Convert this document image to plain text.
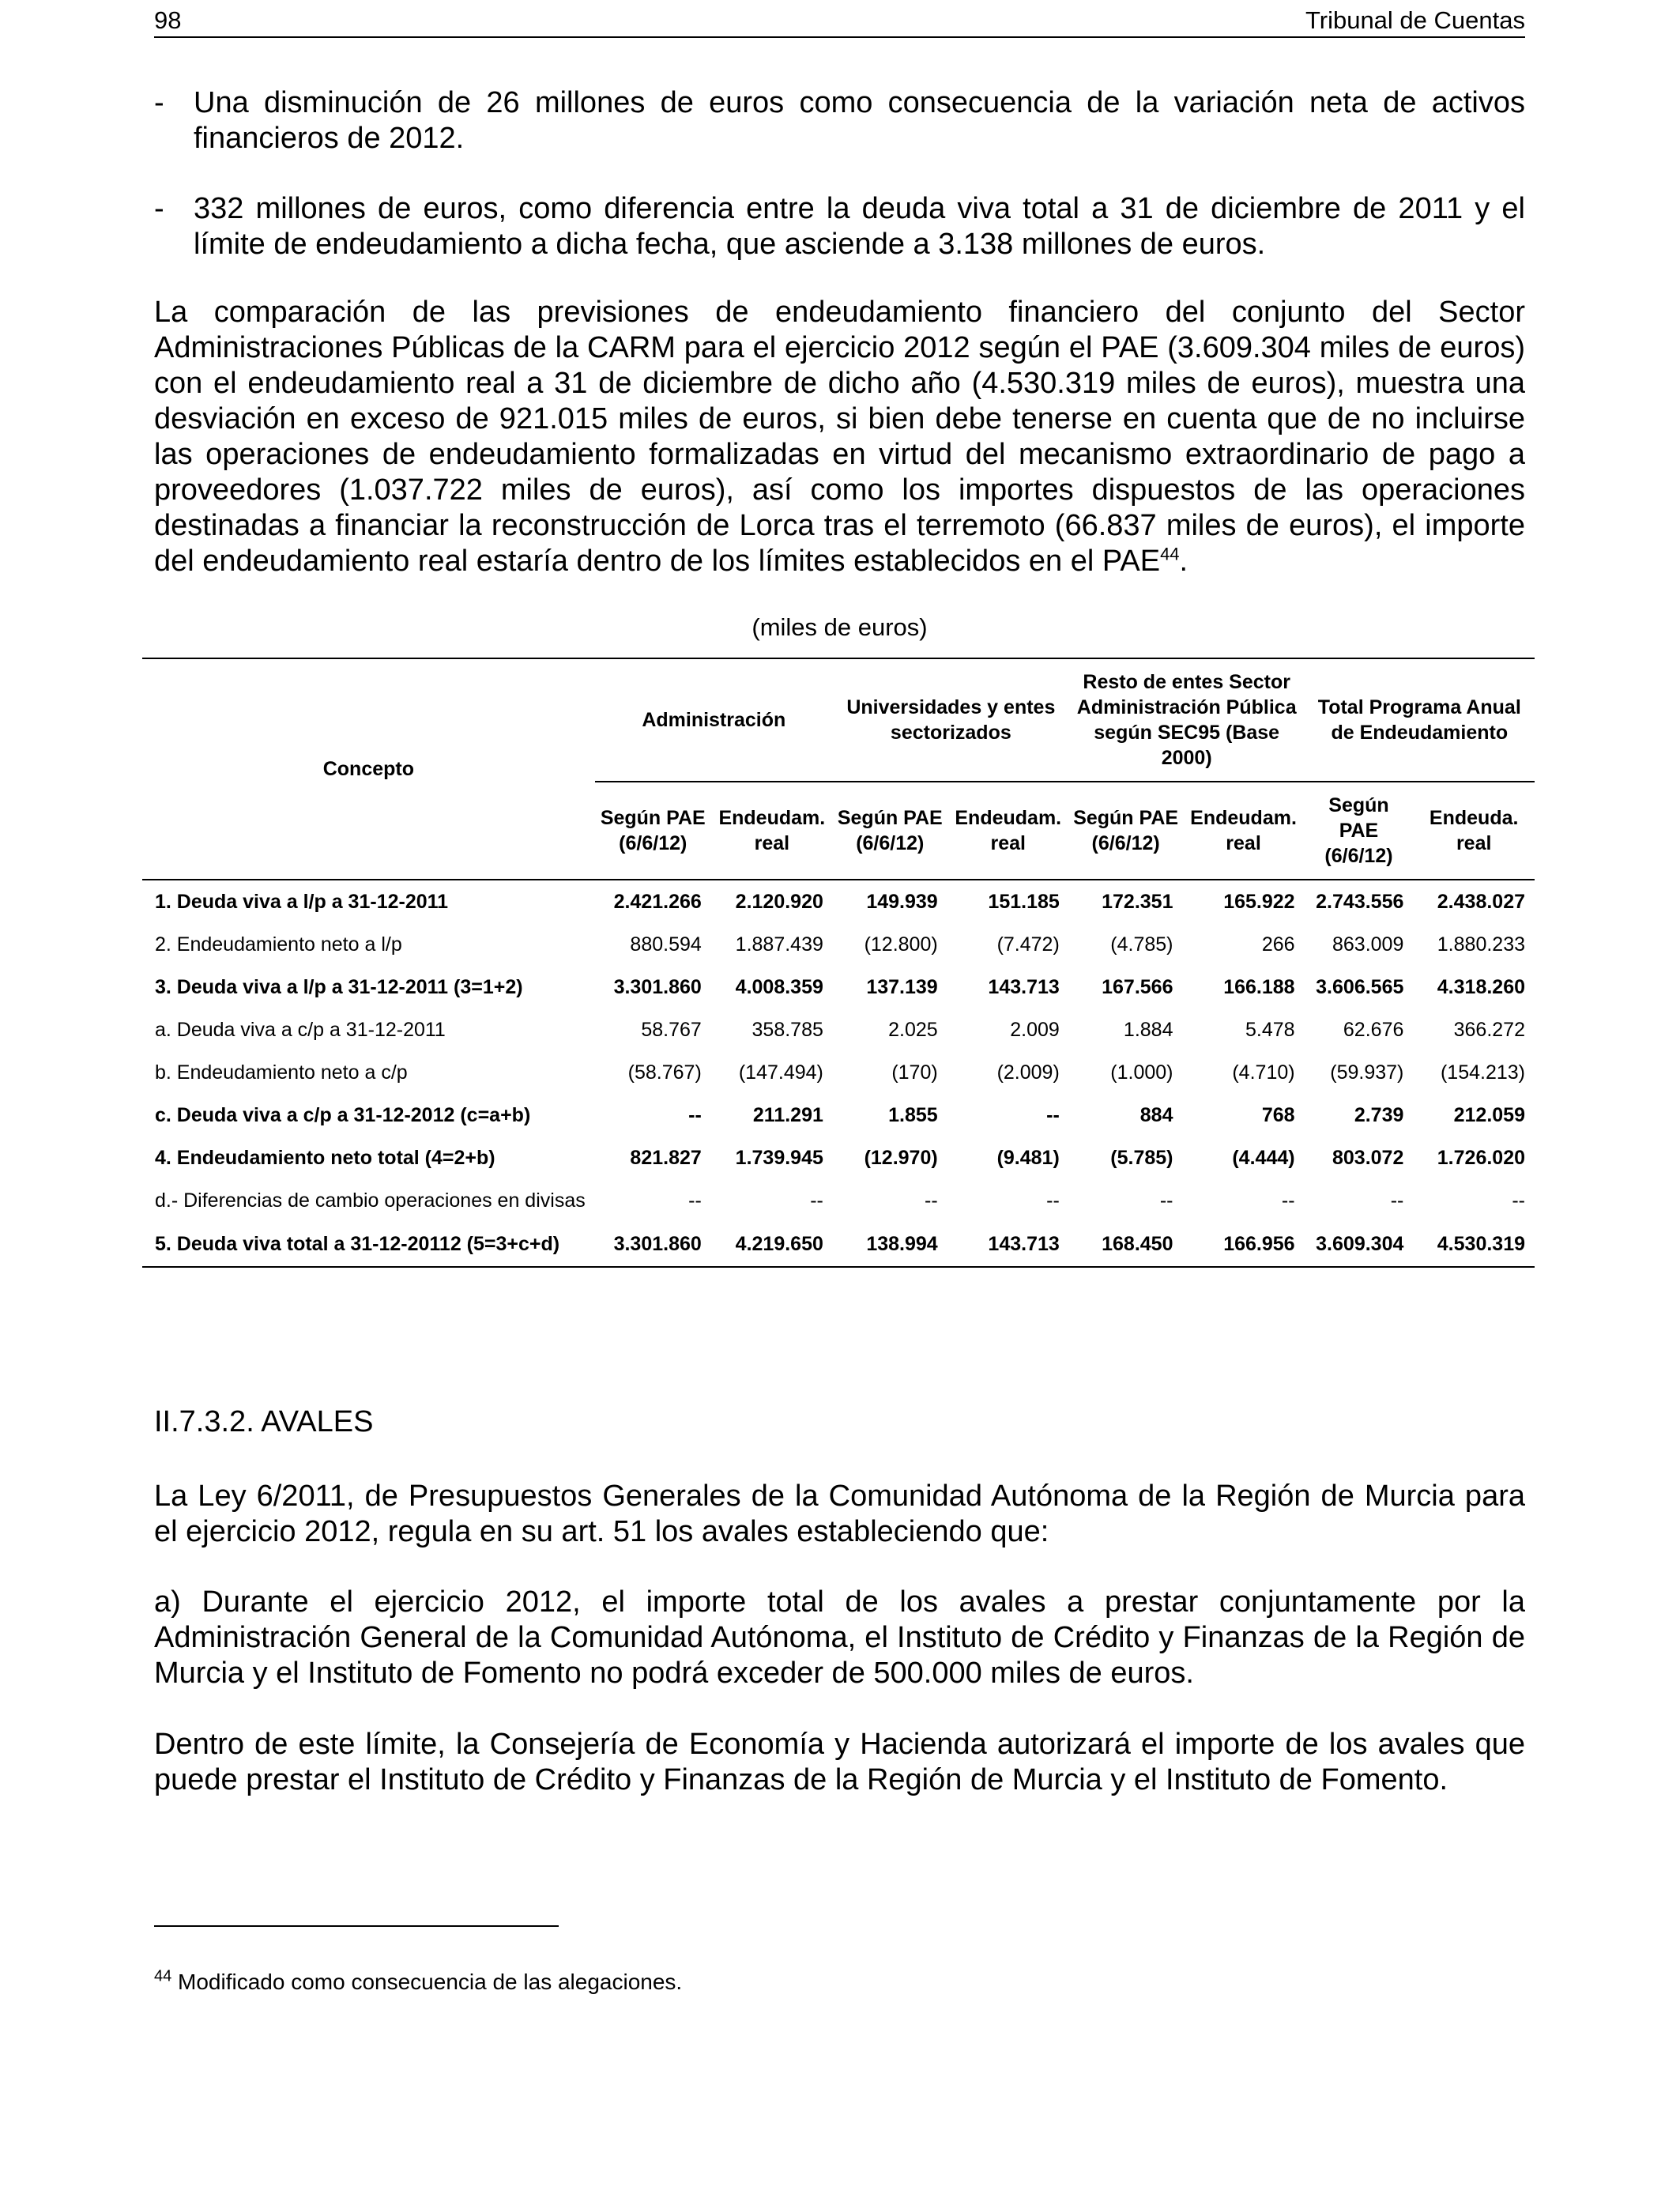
98	Tribunal de Cuentas
- Una disminución de 26 millones de euros como consecuencia de la variación neta de activos financieros de 2012.
- 332 millones de euros, como diferencia entre la deuda viva total a 31 de diciembre de 2011 y el límite de endeudamiento a dicha fecha, que asciende a 3.138 millones de euros.
La comparación de las previsiones de endeudamiento financiero del conjunto del Sector Administraciones Públicas de la CARM para el ejercicio 2012 según el PAE (3.609.304 miles de euros) con el endeudamiento real a 31 de diciembre de dicho año (4.530.319 miles de euros), muestra una desviación en exceso de 921.015 miles de euros, si bien debe tenerse en cuenta que de no incluirse las operaciones de endeudamiento formalizadas en virtud del mecanismo extraordinario de pago a proveedores (1.037.722 miles de euros), así como los importes dispuestos de las operaciones destinadas a financiar la reconstrucción de Lorca tras el terremoto (66.837 miles de euros), el importe del endeudamiento real estaría dentro de los límites establecidos en el PAE$^{44}$.
(miles de euros)
Concepto	Administración		Universidades y entes sectorizados		Resto de entes Sector Administración Pública según SEC95 (Base 2000)		Total Programa Anual de Endeudamiento	
	Según PAE (6/6/12)	Endeudam. real	Según PAE (6/6/12)	Endeudam. real	Según PAE (6/6/12)	Endeudam. real	Según PAE (6/6/12)	Endeuda. real
1. Deuda viva a l/p a 31-12-2011	2.421.266	2.120.920	149.939	151.185	172.351	165.922	2.743.556	2.438.027
2. Endeudamiento neto a l/p	880.594	1.887.439	(12.800)	(7.472)	(4.785)	266	863.009	1.880.233
3. Deuda viva a l/p a 31-12-2011 (3=1+2)	3.301.860	4.008.359	137.139	143.713	167.566	166.188	3.606.565	4.318.260
a. Deuda viva a c/p a 31-12-2011	58.767	358.785	2.025	2.009	1.884	5.478	62.676	366.272
b. Endeudamiento neto a c/p	(58.767)	(147.494)	(170)	(2.009)	(1.000)	(4.710)	(59.937)	(154.213)
c. Deuda viva a c/p a 31-12-2012 (c=a+b)	--	211.291	1.855	--	884	768	2.739	212.059
4. Endeudamiento neto total (4=2+b)	821.827	1.739.945	(12.970)	(9.481)	(5.785)	(4.444)	803.072	1.726.020
d.- Diferencias de cambio operaciones en divisas	--	--	--	--	--	--	--	--
5. Deuda viva total a 31-12-20112 (5=3+c+d)	3.301.860	4.219.650	138.994	143.713	168.450	166.956	3.609.304	4.530.319
II.7.3.2. AVALES
La Ley 6/2011, de Presupuestos Generales de la Comunidad Autónoma de la Región de Murcia para el ejercicio 2012, regula en su art. 51 los avales estableciendo que:
a) Durante el ejercicio 2012, el importe total de los avales a prestar conjuntamente por la Administración General de la Comunidad Autónoma, el Instituto de Crédito y Finanzas de la Región de Murcia y el Instituto de Fomento no podrá exceder de 500.000 miles de euros.
Dentro de este límite, la Consejería de Economía y Hacienda autorizará el importe de los avales que puede prestar el Instituto de Crédito y Finanzas de la Región de Murcia y el Instituto de Fomento.
$^{44}$ Modificado como consecuencia de las alegaciones.
